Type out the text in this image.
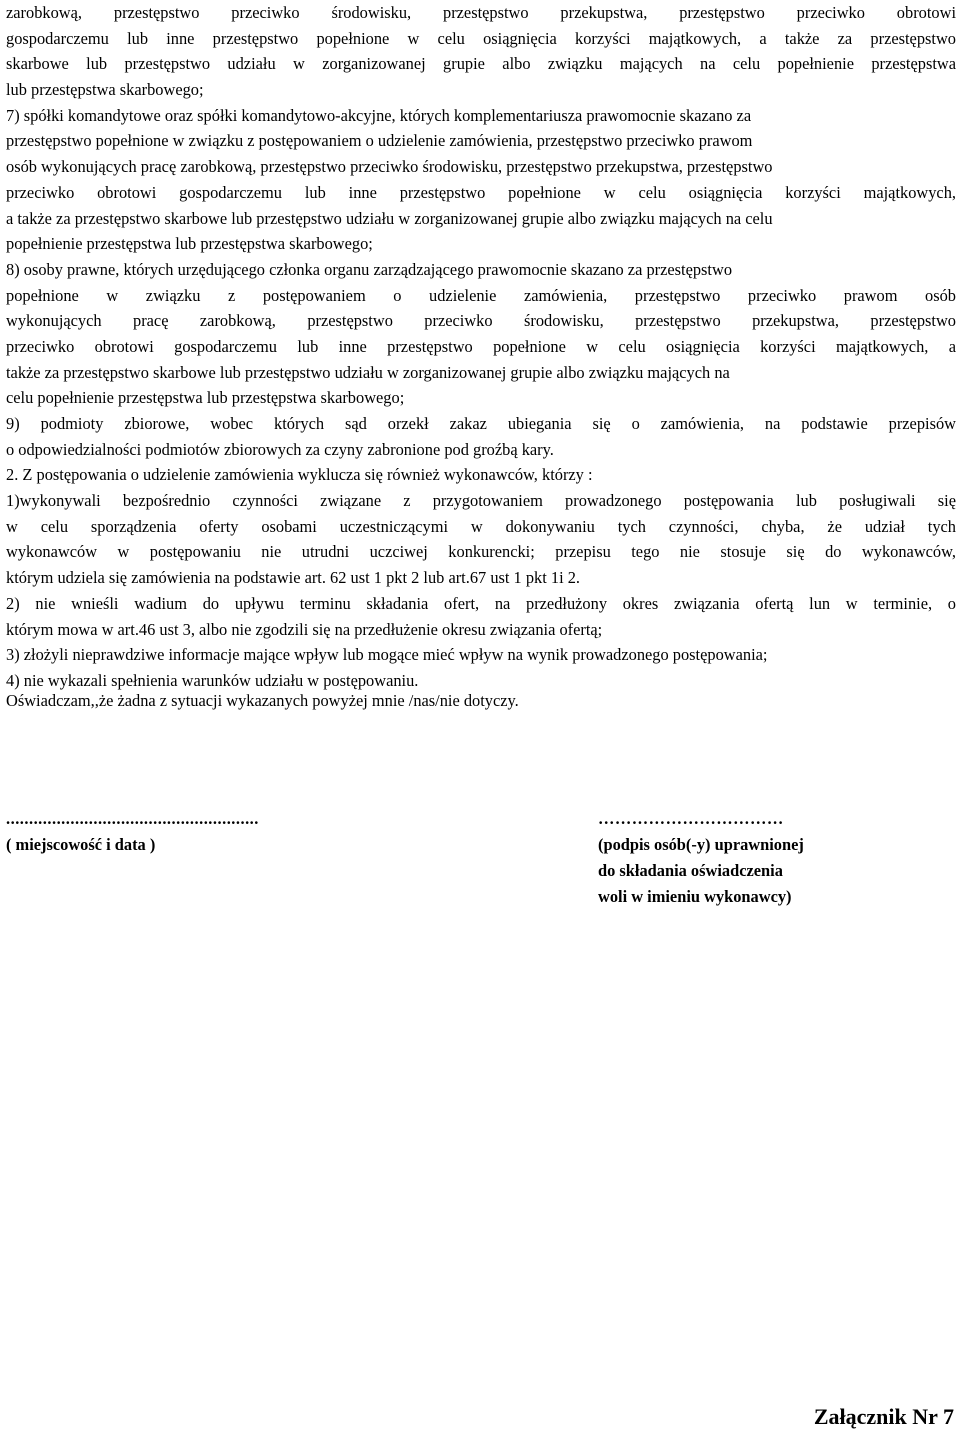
zarobkową, przestępstwo przeciwko środowisku, przestępstwo przekupstwa, przestępstwo przeciwko obrotowi
gospodarczemu lub inne przestępstwo popełnione w celu osiągnięcia korzyści majątkowych, a także za przestępstwo
skarbowe lub przestępstwo udziału w zorganizowanej grupie albo związku mających na celu popełnienie przestępstwa
lub przestępstwa skarbowego;
7) spółki komandytowe oraz spółki komandytowo-akcyjne, których komplementariusza prawomocnie skazano za
przestępstwo popełnione w związku z postępowaniem o udzielenie zamówienia, przestępstwo przeciwko prawom
osób wykonujących pracę zarobkową, przestępstwo przeciwko środowisku, przestępstwo przekupstwa, przestępstwo
przeciwko obrotowi gospodarczemu lub inne przestępstwo popełnione w celu osiągnięcia korzyści majątkowych,
a także za przestępstwo skarbowe lub przestępstwo udziału w zorganizowanej grupie albo związku mających na celu
popełnienie przestępstwa lub przestępstwa skarbowego;
8) osoby prawne, których urzędującego członka organu zarządzającego prawomocnie skazano za przestępstwo
popełnione w związku z postępowaniem o udzielenie zamówienia, przestępstwo przeciwko prawom osób
wykonujących pracę zarobkową, przestępstwo przeciwko środowisku, przestępstwo przekupstwa, przestępstwo
przeciwko obrotowi gospodarczemu lub inne przestępstwo popełnione w celu osiągnięcia korzyści majątkowych, a
także za przestępstwo skarbowe lub przestępstwo udziału w zorganizowanej grupie albo związku mających na
celu popełnienie przestępstwa lub przestępstwa skarbowego;
9) podmioty zbiorowe, wobec których sąd orzekł zakaz ubiegania się o zamówienia, na podstawie przepisów
o odpowiedzialności podmiotów zbiorowych za czyny zabronione pod groźbą kary.
2. Z postępowania o udzielenie zamówienia wyklucza się również wykonawców, którzy :
1)wykonywali bezpośrednio czynności związane z przygotowaniem prowadzonego postępowania lub posługiwali się
w celu sporządzenia oferty osobami uczestniczącymi w dokonywaniu tych czynności, chyba, że udział tych
wykonawców w postępowaniu nie utrudni uczciwej konkurencki; przepisu tego nie stosuje się do wykonawców,
którym udziela się zamówienia na podstawie art. 62 ust 1 pkt 2 lub art.67 ust 1 pkt 1i 2.
2) nie wnieśli wadium do upływu terminu składania ofert, na przedłużony okres związania ofertą lun w terminie, o
którym mowa w art.46 ust 3, albo nie zgodzili się na przedłużenie okresu związania ofertą;
3) złożyli nieprawdziwe informacje mające wpływ lub mogące mieć wpływ na wynik prowadzonego postępowania;
4) nie wykazali spełnienia warunków udziału w postępowaniu.
Oświadczam,,że żadna z sytuacji wykazanych powyżej mnie /nas/nie dotyczy.
.......................................................
( miejscowość i data )
……………………………
(podpis osób(-y) uprawnionej
do składania oświadczenia
woli w imieniu wykonawcy)
Załącznik Nr 7
